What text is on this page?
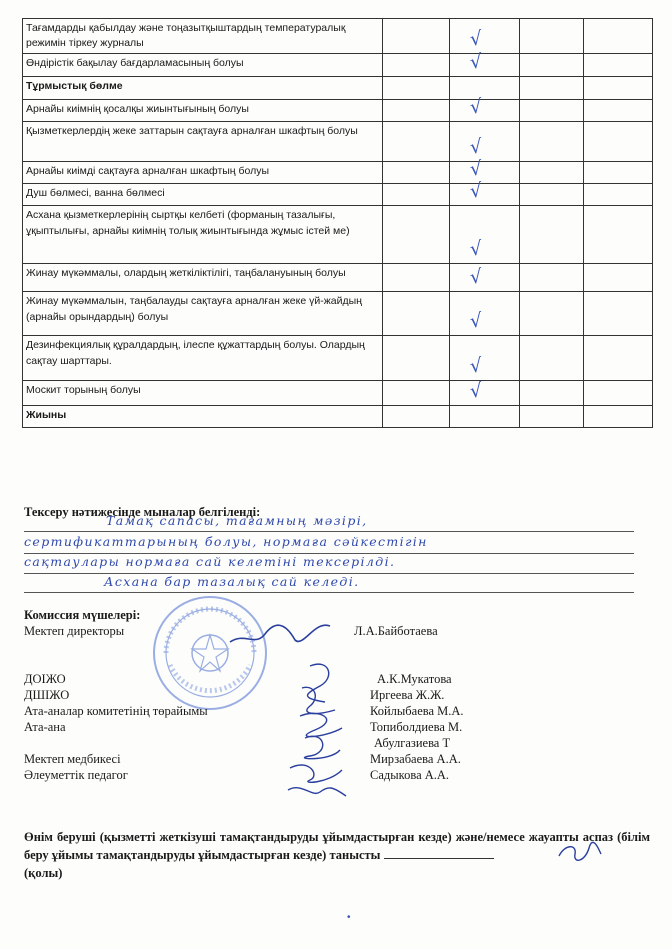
Тағамдарды қабылдау және тоңазытқыштардың температуралық режимін тіркеу журналы		√		

Өндірістік бақылау бағдарламасының болуы		√		

Тұрмыстық бөлме				
Арнайы киімнің қосалқы жиынтығының болуы		√		

Қызметкерлердің жеке заттарын сақтауға арналған шкафтың болуы		√		

Арнайы киімді сақтауға арналған шкафтың болуы		√		

Душ бөлмесі, ванна бөлмесі		√		

Асхана қызметкерлерінің сыртқы келбеті (форманың тазалығы, ұқыптылығы, арнайы киімнің толық жиынтығында жұмыс істей ме)		√		

Жинау мүкәммалы, олардың жеткіліктілігі, таңбалануының болуы		√		

Жинау мүкәммалын, таңбалауды сақтауға арналған жеке үй-жайдың (арнайы орындардың) болуы		√		

Дезинфекциялық құралдардың, ілеспе құжаттардың болуы. Олардың сақтау шарттары.		√		

Москит торының болуы		√		

Жиыны				
Тексеру нәтижесінде мыналар белгіленді:
Тамақ сапасы, тағамның мәзірі,
сертификаттарының болуы, нормаға сәйкестігін
сақтаулары нормаға сай келетіні тексерілді.
Асхана бар тазалық сай келеді.
Комиссия мүшелері:
Мектеп директоры	Л.А.Байботаева
ДОІЖО	А.К.Мукатова
ДШІЖО	Иргеева Ж.Ж.
Ата-аналар комитетінің төрайымы	Койлыбаева М.А.
Ата-ана	Топиболдиева М.
Абулгазиева Т
Мектеп медбикесі	Мирзабаева А.А.
Әлеуметтік педагог	Садыкова А.А.
Өнім беруші (қызметті жеткізуші тамақтандыруды ұйымдастырған кезде) және/немесе жауапты аспаз (білім беру ұйымы тамақтандыруды ұйымдастырған кезде) танысты
(қолы)
•
